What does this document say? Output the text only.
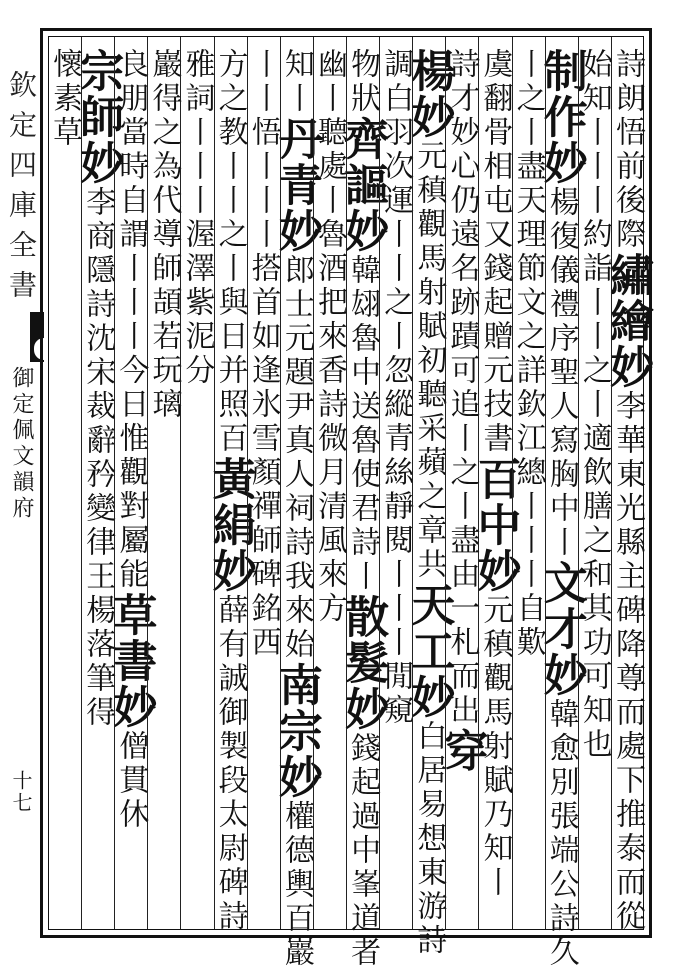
欽定四庫全書
御定佩文韻府
十七
詩朗悟前後際繡繪妙李華東光縣主碑降尊而處下推泰而從
始知丨丨丨約詣丨丨之丨適飲膳之和其功可知也
制作妙楊復儀禮序聖人寫胸中丨文才妙韓愈別張端公詩久
丨之丨盡天理節文之詳欽江總丨丨丨自歎
虞翻骨相屯又錢起贈元技書百中妙元稹觀馬射賦乃知丨
詩才妙心仍遠名跡蹟可追丨之丨盡由一札而出穿
楊妙元稹觀馬射賦初聽采蘋之章共天工妙白居易想東游詩
調白羽次運丨丨之丨忽縱青絲靜閱丨丨丨閒窺
物狀齊謳妙韓翃魯中送魯使君詩丨散髮妙錢起過中峯道者
幽丨聽處丨魯酒把來香詩微月清風來方
知丨丹青妙郎士元題尹真人祠詩我來始南宗妙權德輿百巖
丨丨悟丨丨丨搭首如逢氷雪顏禪師碑銘西
方之教丨丨之丨與日并照百黃絹妙薛有誠御製段太尉碑詩
雅詞丨丨丨渥澤紫泥分
巖得之為代導師頡若玩璃
良朋當時自謂丨丨丨今日惟觀對屬能草書妙僧貫休
宗師妙李商隱詩沈宋裁辭矜變律王楊落筆得
懷素草
